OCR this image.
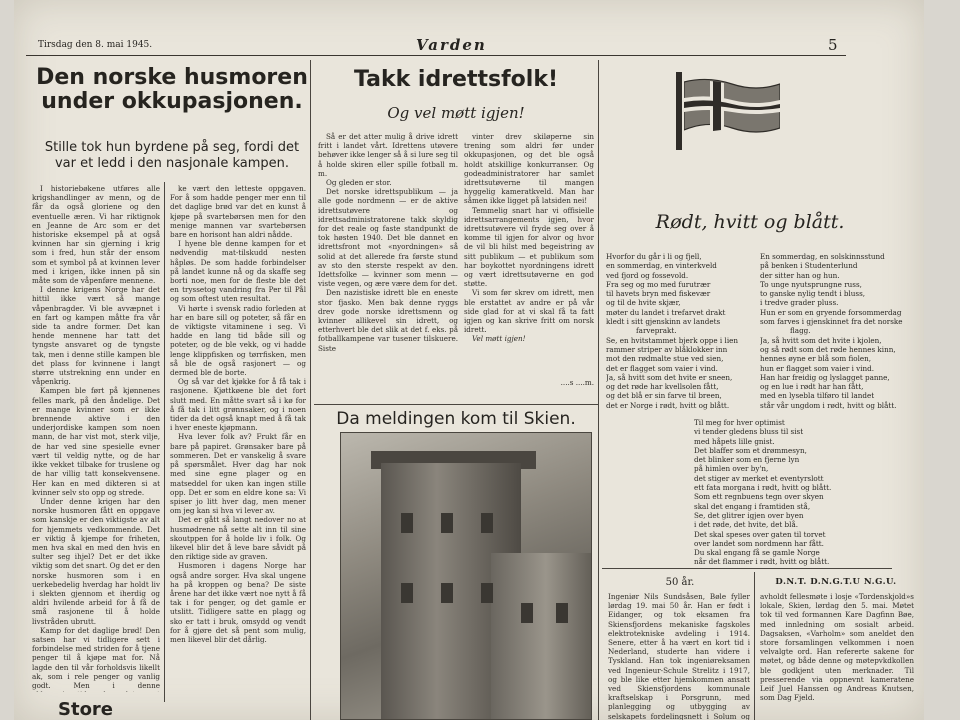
Tirsdag den 8. mai 1945.	Varden	5
Den norske husmoren under okkupasjonen.
Stille tok hun byrdene på seg, fordi det var et ledd i den nasjonale kampen.

I historiebøkene utføres alle krigshandlinger av menn, og de får da også gloriene og den eventuelle æren. Vi har riktignok en Jeanne de Arc som er det historiske eksempel på at også kvinnen har sin gjerning i krig som i fred, hun står der ensom som et symbol på at kvinnen lever med i krigen, ikke innen på sin måte som de våpenføre mennene.

I denne krigens Norge har det hittil ikke vært så mange våpenbragder. Vi ble avvæpnet i en fart og kampen måtte fra vår side ta andre former. Det kan hende mennene har tatt det tyngste ansvaret og de tyngste tak, men i denne stille kampen ble det plass for kvinnene i langt større utstrekning enn under en våpenkrig.

Kampen ble ført på kjønnenes felles mark, på den åndelige. Det er mange kvinner som er ikke brennende aktive i den underjordiske kampen som noen mann, de har vist mot, sterk vilje, de har ved sine spesielle evner vært til veldig nytte, og de har ikke vekket tilbake for truslene og de har villig tatt konsekvensene. Her kan en med dikteren si at kvinner selv sto opp og strede.

Under denne krigen har den norske husmoren fått en oppgave som kanskje er den viktigste av alt for hjemmets vedkommende. Det er viktig å kjempe for friheten, men hva skal en med den hvis en sulter seg ihjel? Det er det ikke viktig som det snart. Og det er den norske husmoren som i en uerkebedelig hverdag har holdt liv i slekten gjennom et iherdig og aldri hvilende arbeid for å få de små rasjonene til å holde livstråden ubrutt.

Kamp for det daglige brød! Den satsen har vi tidligere sett i forbindelse med striden for å tjene penger til å kjøpe mat for. Nå lagde den til vår forholdsvis likellt ak, som i rele penger og vanlig godt. Men i denne

ke vært den letteste oppgaven. For å som hadde penger mer enn til det daglige brød var det en kunst å kjøpe på svartebørsen men for den menige mannen var svartebørsen bare en horisont han aldri nådde.

I hyene ble denne kampen for et nødvendig mat-tilskudd nesten håpløs. De som hadde forbindelser på landet kunne nå og da skaffe seg borti noe, men for de fleste ble det en tryssetog vandring fra Per til Pål og som oftest uten resultat.

Vi hørte i svensk radio forleden at har en bare sill og poteter, så får en de viktigste vitaminene i seg. Vi hadde en lang tid både sill og poteter, og de ble vekk, og vi hadde lenge klippfisken og tørrfisken, men så ble de også rasjonert — og dermed ble de borte.

Og så var det kjøkke for å få tak i rasjonene. Kjøttkøene ble det fort slutt med. En måtte svart så i kø for å få tak i litt grønnsaker, og i noen tider da det også knapt med å få tak i hver eneste kjøpmann.

Hva lever folk av? Frukt får en bare på papiret. Grønsaker bare på sommeren. Det er vanskelig å svare på spørsmålet. Hver dag har nok med sine egne plager og en matseddel for uken kan ingen stille opp. Det er som en eldre kone sa: Vi spiser jo litt hver dag, men mener om jeg kan si hva vi lever av.

Det er gått så langt nedover no at husmødrene nå sette alt inn til sine skoutppen for å holde liv i folk. Og likevel blir det å leve bare såvidt på den riktige side av graven.

Husmoren i dagens Norge har også andre sorger. Hva skal ungene ha på kroppen og bena? De siste årene har det ikke vært noe nytt å få tak i for penger, og det gamle er utslitt. Tidligere satte en plagg og sko er tatt i bruk, omsydd og vendt for å gjøre det så pent som mulig, men likevel blir det dårlig.

Store
Takk idrettsfolk!
Og vel møtt igjen!

Så er det atter mulig å drive idrett fritt i landet vårt. Idrettens utøvere behøver ikke lenger så å si lure seg til å holde skiren eller spille fotball m. m.

Og gleden er stor.

Det norske idrettspublikum — ja alle gode nordmenn — er de aktive idrettsutøvere og idrettsadministratorene takk skyldig for det reale og faste standpunkt de tok høsten 1940. Det ble dannet en idrettsfront mot «nyordningen» så solid at det allerede fra første stund av sto den sterste respekt av den. Idettsfolke — kvinner som menn — viste vegen, og ære være dem for det.

Den nazistiske idrett ble en eneste stor fjasko. Men bak denne ryggs drev gode norske idrettsmenn og kvinner allikevel sin idrett, og etterhvert ble det slik at det f. eks. på fotballkampene var tusener tilskuere. Siste

vinter drev skiløperne sin trening som aldri før under okkupasjonen, og det ble også holdt atskillige konkurranser. Og godeadministratorer har samlet idrettsutøverne til mangen hyggelig kameratkveld. Man har såmen ikke ligget på latsiden nei!

Temmelig snart har vi offisielle idrettsarrangements igjen, hvor idrettsutøvere vil fryde seg over å komme til igjen for alvor og hvor de vil bli hilst med begeistring av sitt publikum — et publikum som har boykottet nyordningens idrett og vært idrettsutøverne en god støtte.

Vi som før skrev om idrett, men ble erstattet av andre er på vår side glad for at vi skal få ta fatt igjen og kan skrive fritt om norsk idrett.

Vel møtt igjen!

....s ....m.
Da meldingen kom til Skien.
Rødt, hvitt og blått.
Hvorfor du går i li og fjell,
en sommerdag, en vinterkveld
ved fjord og fossevold.
Fra seg og mo med furutrær
til havets bryn med fiskevær
og til de hvite skjær,
møter du landet i trefarvet drakt
kledt i sitt gjenskinn av landets
farveprakt.
Se, en hvitstammet bjerk oppe i lien
rammer striper av blåklokker inn
mot den rødmalte stue ved sien,
det er flagget som vaier i vind.
Ja, så hvitt som det hvite er sneen,
og det røde har kvellsolen fått,
og det blå er sin farve til breen,
det er Norge i rødt, hvitt og blått.
En sommerdag, en solskinnsstund
på benken i Studenterlund
der sitter han og hun.
To unge nyutsprungne russ,
to ganske nylig tendt i bluss,
i tredve grader pluss.
Hun er som en gryende forsommerdag
som farves i gjenskinnet fra det norske
flagg.
Ja, så hvitt som det hvite i kjolen,
og så rødt som det røde hennes kinn,
hennes øyne er blå som fiolen,
hun er flagget som vaier i vind.
Han har freidig og lyslagget panne,
og en lue i rødt har han fått,
med en lysebla tilføro til landet
står vår ungdom i rødt, hvitt og blått.
Til meg for hver optimist
vi tender gledens bluss til sist
med håpets lille gnist.
Det blaffer som et drømmesyn,
det blinker som en fjerne lyn
på himlen over by'n,
det stiger av merket et eventyrslott
ett fata morgana i rødt, hvitt og blått.
Som ett regnbuens tegn over skyen
skal det engang i framtiden stå,
Se, det glitrer igjen over byen
i det røde, det hvite, det blå.
Det skal speses over gaten til torvet
over landet som nordmenn har fått.
Du skal engang få se gamle Norge
når det flammer i rødt, hvitt og blått.
50 år.
Ingeniør Nils Sundsåsen, Bøle fyller lørdag 19. mai 50 år. Han er født i Eidanger, og tok eksamen fra Skiensfjordens mekaniske fagskoles elektrotekniske avdeling i 1914. Senere, etter å ha vært en kort tid i Nederland, studerte han videre i Tyskland. Han tok ingeniøreksamen ved Ingenieur-Schule Strelitz i 1917, og ble like etter hjemkommen ansatt ved Skiensfjordens kommunale kraftselskap i Porsgrunn, med planlegging og utbygging av selskapets fordelingsnett i Solum og
D.N.T. D.N.G.T.U N.G.U.
avholdt fellesmøte i losje «Tordenskjold»s lokale, Skien, lørdag den 5. mai. Møtet tok til ved formannen Kare Dagfinn Bøe, med innledning om sosialt arbeid. Dagsaksen, «Varholm» som aneldet den store forsamlingen velkommen i noen velvalgte ord. Han refererte sakene for møtet, og både denne og møtepvkdkollen ble godkjent uten merknader. Til presserende via oppnevnt kameratene Leif Juel Hanssen og Andreas Knutsen, som Dag Fjeld.
